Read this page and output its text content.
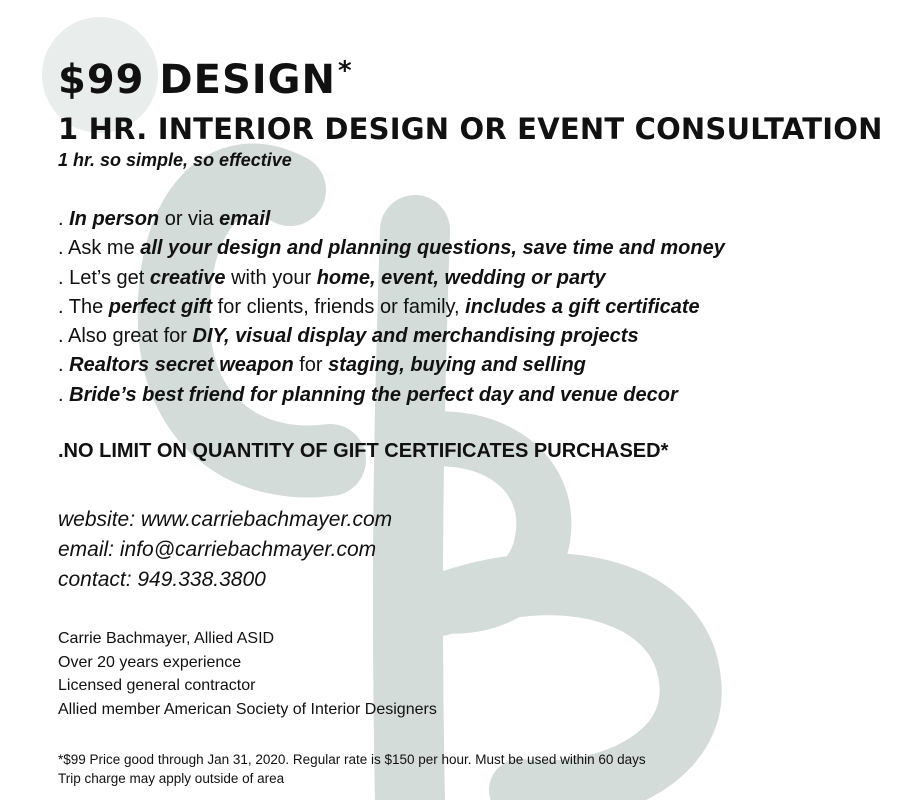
$99 DESIGN*
1 HR. INTERIOR DESIGN OR EVENT CONSULTATION
1 hr. so simple, so effective
. In person or via email
. Ask me all your design and planning questions, save time and money
. Let’s get creative with your home, event, wedding or party
. The perfect gift for clients, friends or family, includes a gift certificate
. Also great for DIY, visual display and merchandising projects
. Realtors secret weapon for staging, buying and selling
. Bride’s best friend for planning the perfect day and venue decor
.NO LIMIT ON QUANTITY OF GIFT CERTIFICATES PURCHASED*
website: www.carriebachmayer.com
email: info@carriebachmayer.com
contact: 949.338.3800
Carrie Bachmayer, Allied ASID
Over 20 years experience
Licensed general contractor
Allied member American Society of Interior Designers
*$99 Price good through Jan 31, 2020. Regular rate is $150 per hour. Must be used within 60 days
Trip charge may apply outside of area
